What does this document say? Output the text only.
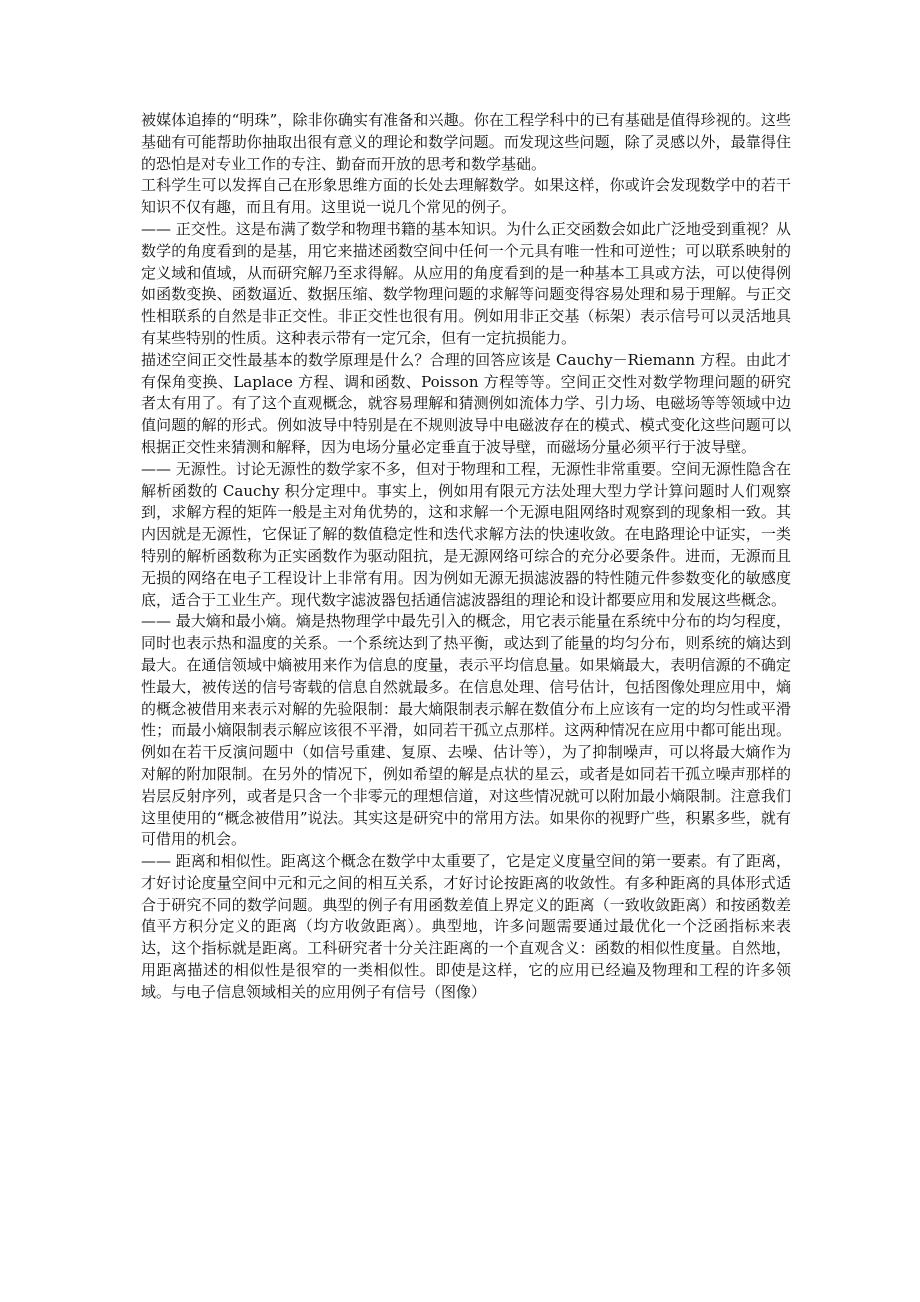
被媒体追捧的“明珠”，除非你确实有准备和兴趣。你在工程学科中的已有基础是值得珍视的。这些基础有可能帮助你抽取出很有意义的理论和数学问题。而发现这些问题，除了灵感以外，最靠得住的恐怕是对专业工作的专注、勤奋而开放的思考和数学基础。

工科学生可以发挥自己在形象思维方面的长处去理解数学。如果这样，你或许会发现数学中的若干知识不仅有趣，而且有用。这里说一说几个常见的例子。

—— 正交性。这是布满了数学和物理书籍的基本知识。为什么正交函数会如此广泛地受到重视？从数学的角度看到的是基，用它来描述函数空间中任何一个元具有唯一性和可逆性；可以联系映射的定义域和值域，从而研究解乃至求得解。从应用的角度看到的是一种基本工具或方法，可以使得例如函数变换、函数逼近、数据压缩、数学物理问题的求解等问题变得容易处理和易于理解。与正交性相联系的自然是非正交性。非正交性也很有用。例如用非正交基（标架）表示信号可以灵活地具有某些特别的性质。这种表示带有一定冗余，但有一定抗损能力。

描述空间正交性最基本的数学原理是什么？合理的回答应该是 Cauchy－Riemann 方程。由此才有保角变换、Laplace 方程、调和函数、Poisson 方程等等。空间正交性对数学物理问题的研究者太有用了。有了这个直观概念，就容易理解和猜测例如流体力学、引力场、电磁场等等领域中边值问题的解的形式。例如波导中特别是在不规则波导中电磁波存在的模式、模式变化这些问题可以根据正交性来猜测和解释，因为电场分量必定垂直于波导壁，而磁场分量必须平行于波导壁。

—— 无源性。讨论无源性的数学家不多，但对于物理和工程，无源性非常重要。空间无源性隐含在解析函数的 Cauchy 积分定理中。事实上，例如用有限元方法处理大型力学计算问题时人们观察到，求解方程的矩阵一般是主对角优势的，这和求解一个无源电阻网络时观察到的现象相一致。其内因就是无源性，它保证了解的数值稳定性和迭代求解方法的快速收敛。在电路理论中证实，一类特别的解析函数称为正实函数作为驱动阻抗，是无源网络可综合的充分必要条件。进而，无源而且无损的网络在电子工程设计上非常有用。因为例如无源无损滤波器的特性随元件参数变化的敏感度底，适合于工业生产。现代数字滤波器包括通信滤波器组的理论和设计都要应用和发展这些概念。

—— 最大熵和最小熵。熵是热物理学中最先引入的概念，用它表示能量在系统中分布的均匀程度，同时也表示热和温度的关系。一个系统达到了热平衡，或达到了能量的均匀分布，则系统的熵达到最大。在通信领域中熵被用来作为信息的度量，表示平均信息量。如果熵最大，表明信源的不确定性最大，被传送的信号寄载的信息自然就最多。在信息处理、信号估计，包括图像处理应用中，熵的概念被借用来表示对解的先验限制：最大熵限制表示解在数值分布上应该有一定的均匀性或平滑性；而最小熵限制表示解应该很不平滑，如同若干孤立点那样。这两种情况在应用中都可能出现。例如在若干反演问题中（如信号重建、复原、去噪、估计等），为了抑制噪声，可以将最大熵作为对解的附加限制。在另外的情况下，例如希望的解是点状的星云，或者是如同若干孤立噪声那样的岩层反射序列，或者是只含一个非零元的理想信道，对这些情况就可以附加最小熵限制。注意我们这里使用的“概念被借用”说法。其实这是研究中的常用方法。如果你的视野广些，积累多些，就有可借用的机会。

—— 距离和相似性。距离这个概念在数学中太重要了，它是定义度量空间的第一要素。有了距离，才好讨论度量空间中元和元之间的相互关系，才好讨论按距离的收敛性。有多种距离的具体形式适合于研究不同的数学问题。典型的例子有用函数差值上界定义的距离（一致收敛距离）和按函数差值平方积分定义的距离（均方收敛距离）。典型地，许多问题需要通过最优化一个泛函指标来表达，这个指标就是距离。工科研究者十分关注距离的一个直观含义：函数的相似性度量。自然地，用距离描述的相似性是很窄的一类相似性。即使是这样，它的应用已经遍及物理和工程的许多领域。与电子信息领域相关的应用例子有信号（图像）
